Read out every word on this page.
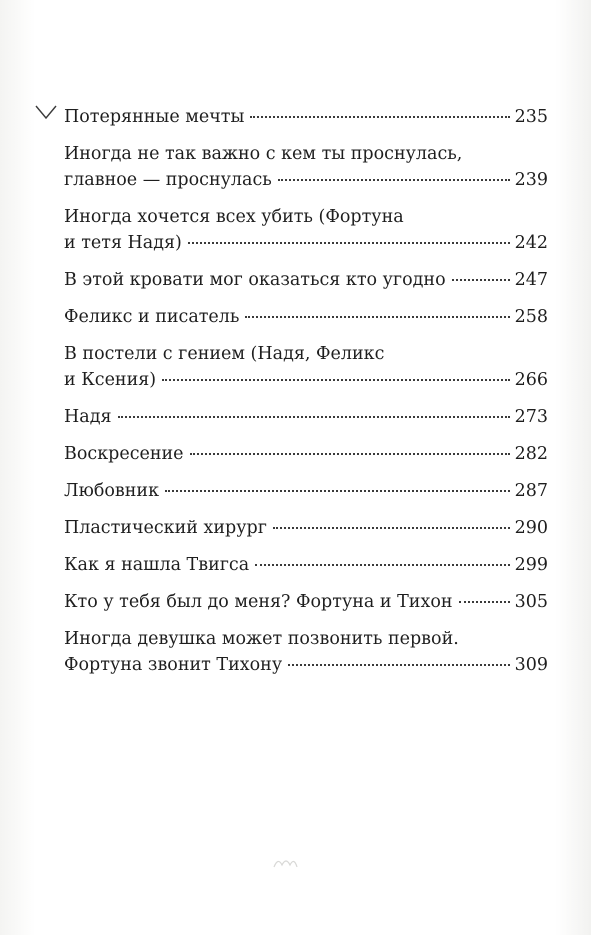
Потерянные мечты	235
Иногда не так важно с кем ты проснулась,
главное — проснулась	239
Иногда хочется всех убить (Фортуна
и тетя Надя)	242
В этой кровати мог оказаться кто угодно	247
Феликс и писатель	258
В постели с гением (Надя, Феликс
и Ксения)	266
Надя	273
Воскресение	282
Любовник	287
Пластический хирург	290
Как я нашла Твигса	299
Кто у тебя был до меня? Фортуна и Тихон	305
Иногда девушка может позвонить первой.
Фортуна звонит Тихону	309
